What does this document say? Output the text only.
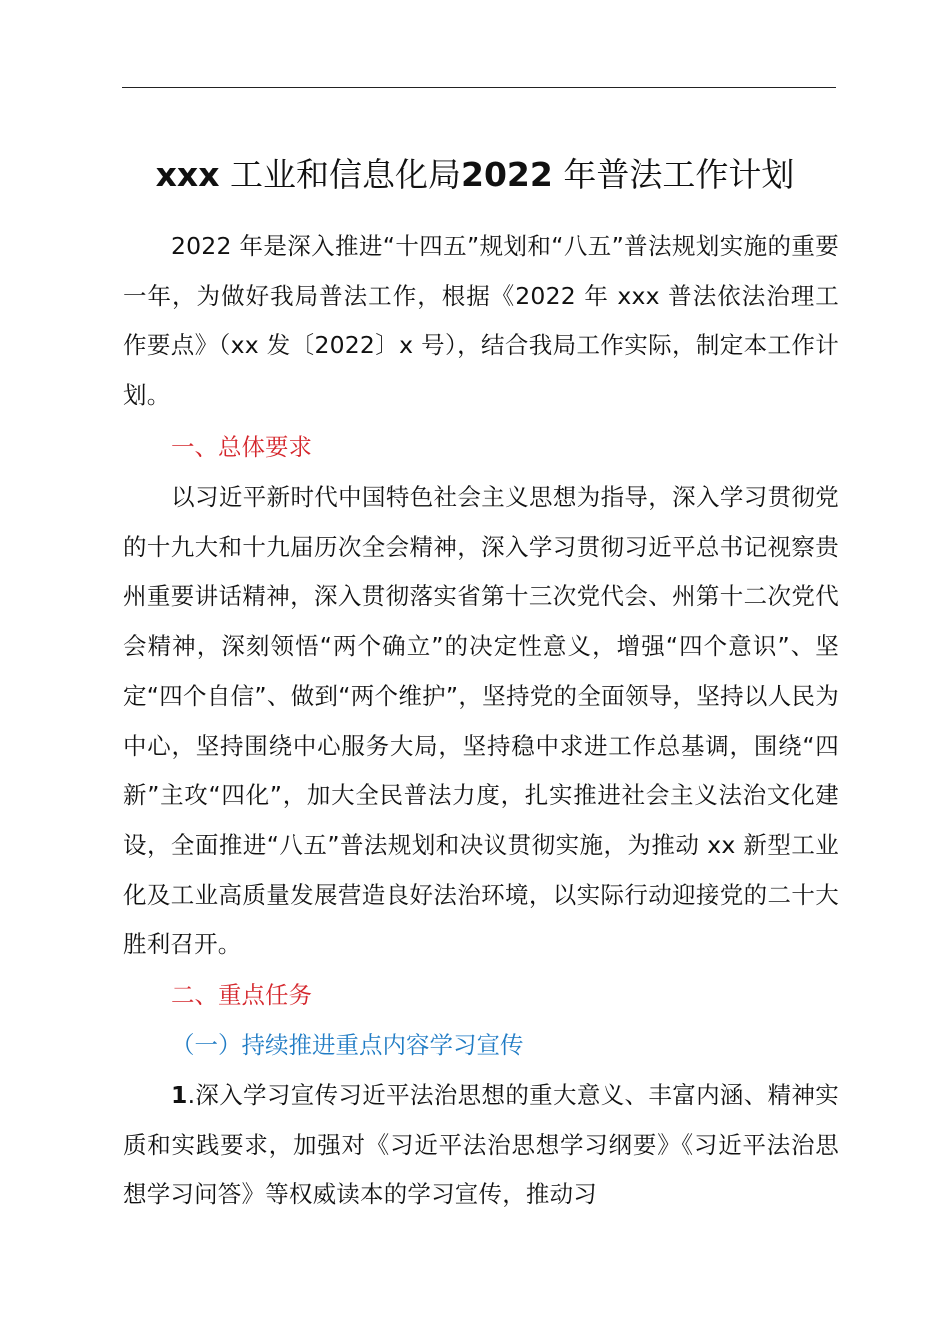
xxx 工业和信息化局2022 年普法工作计划

2022 年是深入推进“十四五”规划和“八五”普法规划实施的重要一年，为做好我局普法工作，根据《2022 年 xxx 普法依法治理工作要点》（xx 发〔2022〕x 号），结合我局工作实际，制定本工作计划。

一、总体要求

以习近平新时代中国特色社会主义思想为指导，深入学习贯彻党的十九大和十九届历次全会精神，深入学习贯彻习近平总书记视察贵州重要讲话精神，深入贯彻落实省第十三次党代会、州第十二次党代会精神，深刻领悟“两个确立”的决定性意义，增强“四个意识”、坚定“四个自信”、做到“两个维护”，坚持党的全面领导，坚持以人民为中心，坚持围绕中心服务大局，坚持稳中求进工作总基调，围绕“四新”主攻“四化”，加大全民普法力度，扎实推进社会主义法治文化建设，全面推进“八五”普法规划和决议贯彻实施，为推动 xx 新型工业化及工业高质量发展营造良好法治环境，以实际行动迎接党的二十大胜利召开。

二、重点任务

（一）持续推进重点内容学习宣传

1.深入学习宣传习近平法治思想的重大意义、丰富内涵、精神实质和实践要求，加强对《习近平法治思想学习纲要》《习近平法治思想学习问答》等权威读本的学习宣传，推动习
